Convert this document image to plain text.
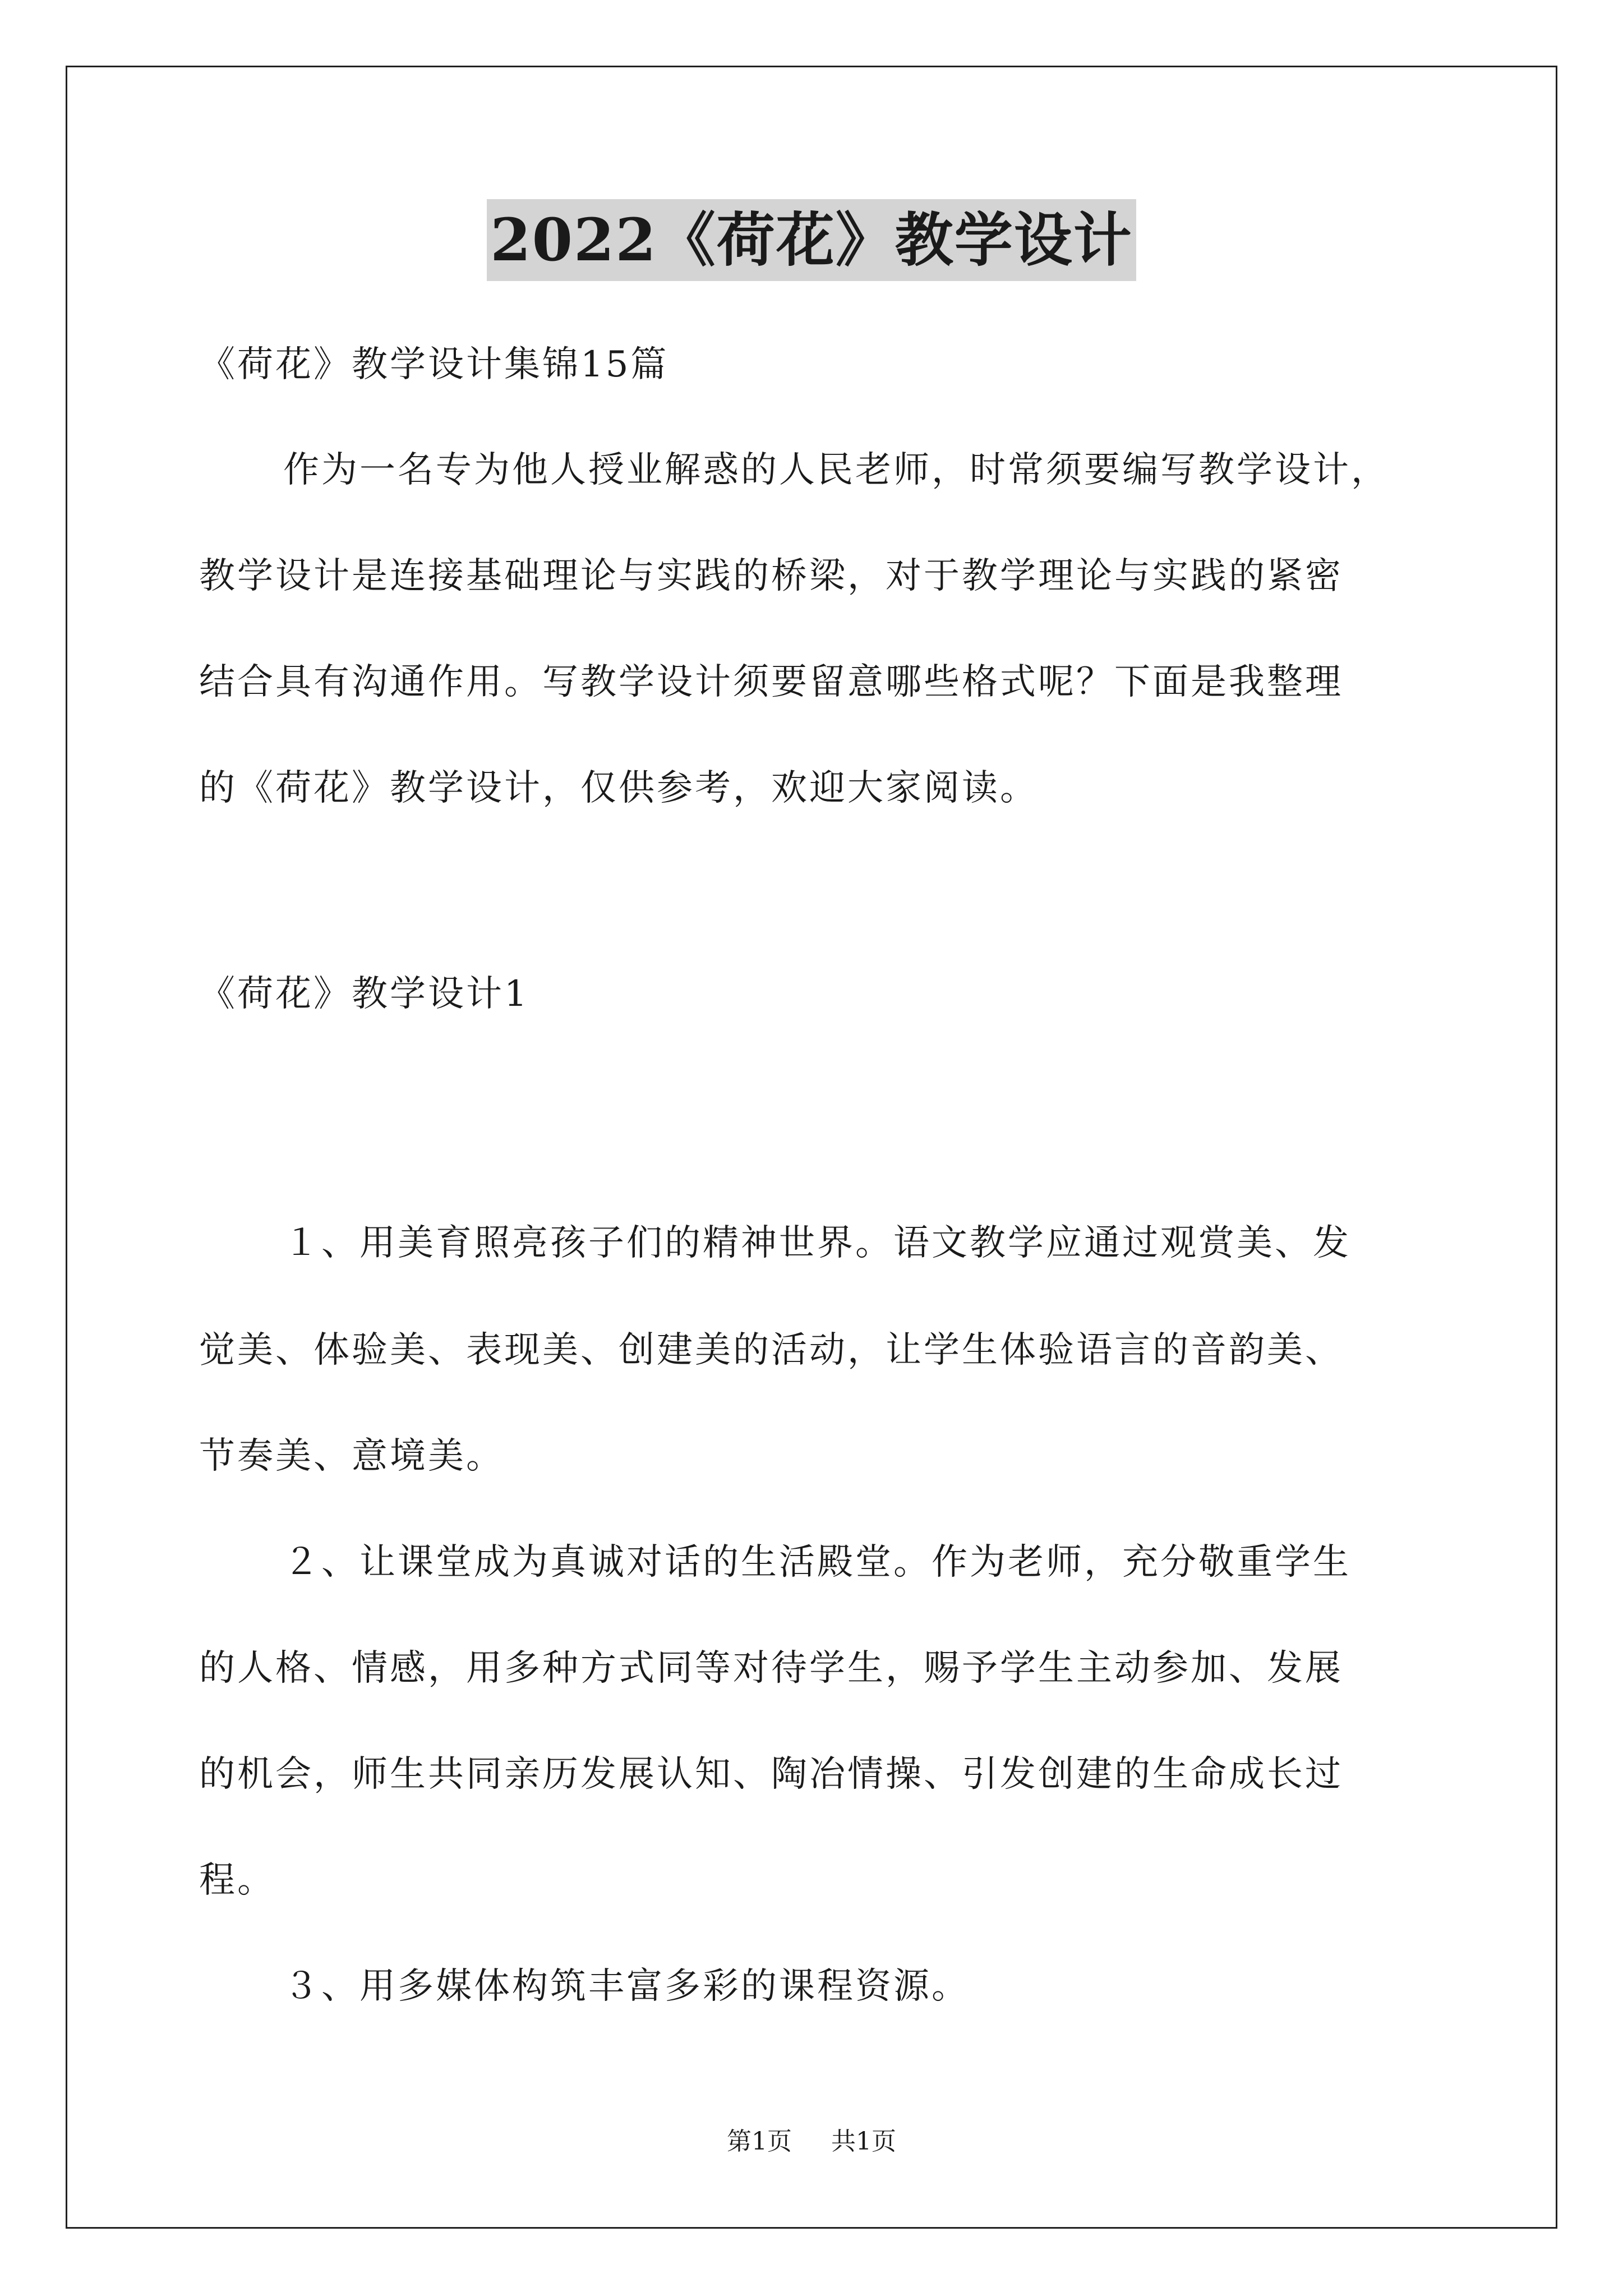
2022《荷花》教学设计
《荷花》教学设计集锦15篇
作为一名专为他人授业解惑的人民老师，时常须要编写教学设计，
教学设计是连接基础理论与实践的桥梁，对于教学理论与实践的紧密
结合具有沟通作用。写教学设计须要留意哪些格式呢？下面是我整理
的《荷花》教学设计，仅供参考，欢迎大家阅读。
《荷花》教学设计1
１、用美育照亮孩子们的精神世界。语文教学应通过观赏美、发
觉美、体验美、表现美、创建美的活动，让学生体验语言的音韵美、
节奏美、意境美。
２、让课堂成为真诚对话的生活殿堂。作为老师，充分敬重学生
的人格、情感，用多种方式同等对待学生，赐予学生主动参加、发展
的机会，师生共同亲历发展认知、陶冶情操、引发创建的生命成长过
程。
３、用多媒体构筑丰富多彩的课程资源。
第1页 共1页
